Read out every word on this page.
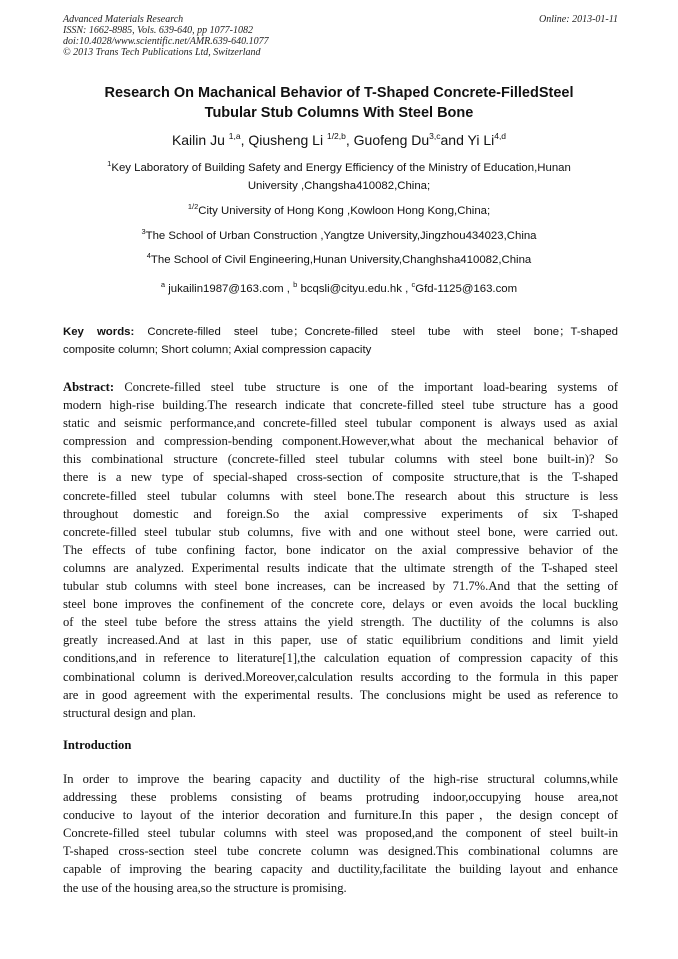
Advanced Materials Research
ISSN: 1662-8985, Vols. 639-640, pp 1077-1082
doi:10.4028/www.scientific.net/AMR.639-640.1077
© 2013 Trans Tech Publications Ltd, Switzerland
Online: 2013-01-11
Research On Machanical Behavior of T-Shaped Concrete-FilledSteel
Tubular Stub Columns With Steel Bone
Kailin Ju $^{1,a}$, Qiusheng Li $^{1/2,b}$, Guofeng Du$^{3,c}$and Yi Li$^{4,d}$
$^1$Key Laboratory of Building Safety and Energy Efficiency of the Ministry of Education,Hunan
University ,Changsha410082,China;
$^{1/2}$City University of Hong Kong ,Kowloon Hong Kong,China;
$^3$The School of Urban Construction ,Yangtze University,Jingzhou434023,China
$^4$The School of Civil Engineering,Hunan University,Changhsha410082,China
$^a$ jukailin1987@163.com , $^b$ bcqsli@cityu.edu.hk , $^c$Gfd-1125@163.com
Key words: Concrete-filled steel tube；Concrete-filled steel tube with steel bone；T-shaped
composite column; Short column; Axial compression capacity
Abstract: Concrete-filled steel tube structure is one of the important load-bearing systems of
modern high-rise building.The research indicate that concrete-filled steel tube structure has a good
static and seismic performance,and concrete-filled steel tubular component is always used as axial
compression and compression-bending component.However,what about the mechanical behavior of
this combinational structure (concrete-filled steel tubular columns with steel bone built-in)? So
there is a new type of special-shaped cross-section of composite structure,that is the T-shaped
concrete-filled steel tubular columns with steel bone.The research about this structure is less
throughout domestic and foreign.So the axial compressive experiments of six T-shaped
concrete-filled steel tubular stub columns, five with and one without steel bone, were carried out.
The effects of tube confining factor, bone indicator on the axial compressive behavior of the
columns are analyzed. Experimental results indicate that the ultimate strength of the T-shaped steel
tubular stub columns with steel bone increases, can be increased by 71.7%.And that the setting of
steel bone improves the confinement of the concrete core, delays or even avoids the local buckling
of the steel tube before the stress attains the yield strength. The ductility of the columns is also
greatly increased.And at last in this paper, use of static equilibrium conditions and limit yield
conditions,and in reference to literature[1],the calculation equation of compression capacity of this
combinational column is derived.Moreover,calculation results according to the formula in this paper
are in good agreement with the experimental results. The conclusions might be used as reference to
structural design and plan.
Introduction
In order to improve the bearing capacity and ductility of the high-rise structural columns,while
addressing these problems consisting of beams protruding indoor,occupying house area,not
conducive to layout of the interior decoration and furniture.In this paper，the design concept of
Concrete-filled steel tubular columns with steel was proposed,and the component of steel built-in
T-shaped cross-section steel tube concrete column was designed.This combinational columns are
capable of improving the bearing capacity and ductility,facilitate the building layout and enhance
the use of the housing area,so the structure is promising.
